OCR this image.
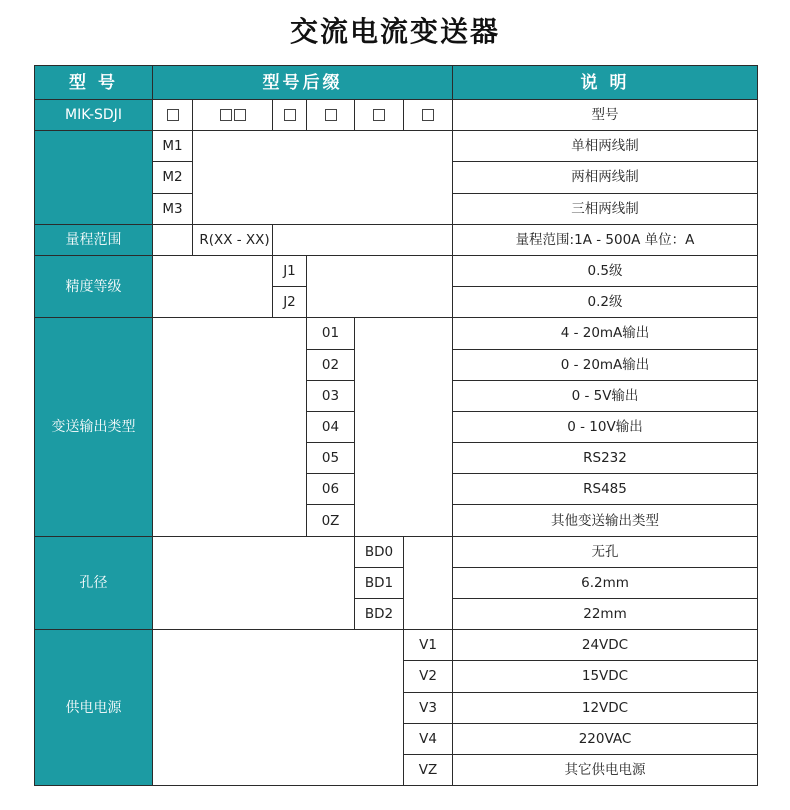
交流电流变送器
型 号	型号后缀						说 明
MIK-SDJI							型号
	M1						单相两线制
	M2						两相两线制
	M3						三相两线制
量程范围		R(XX - XX)					量程范围:1A - 500A 单位：A
精度等级			J1				0.5级
			J2				0.2级
变送输出类型				01			4 - 20mA输出
				02			0 - 20mA输出
				03			0 - 5V输出
				04			0 - 10V输出
				05			RS232
				06			RS485
				0Z			其他变送输出类型
孔径					BD0		无孔
					BD1		6.2mm
					BD2		22mm
供电电源						V1	24VDC
						V2	15VDC
						V3	12VDC
						V4	220VAC
						VZ	其它供电电源
